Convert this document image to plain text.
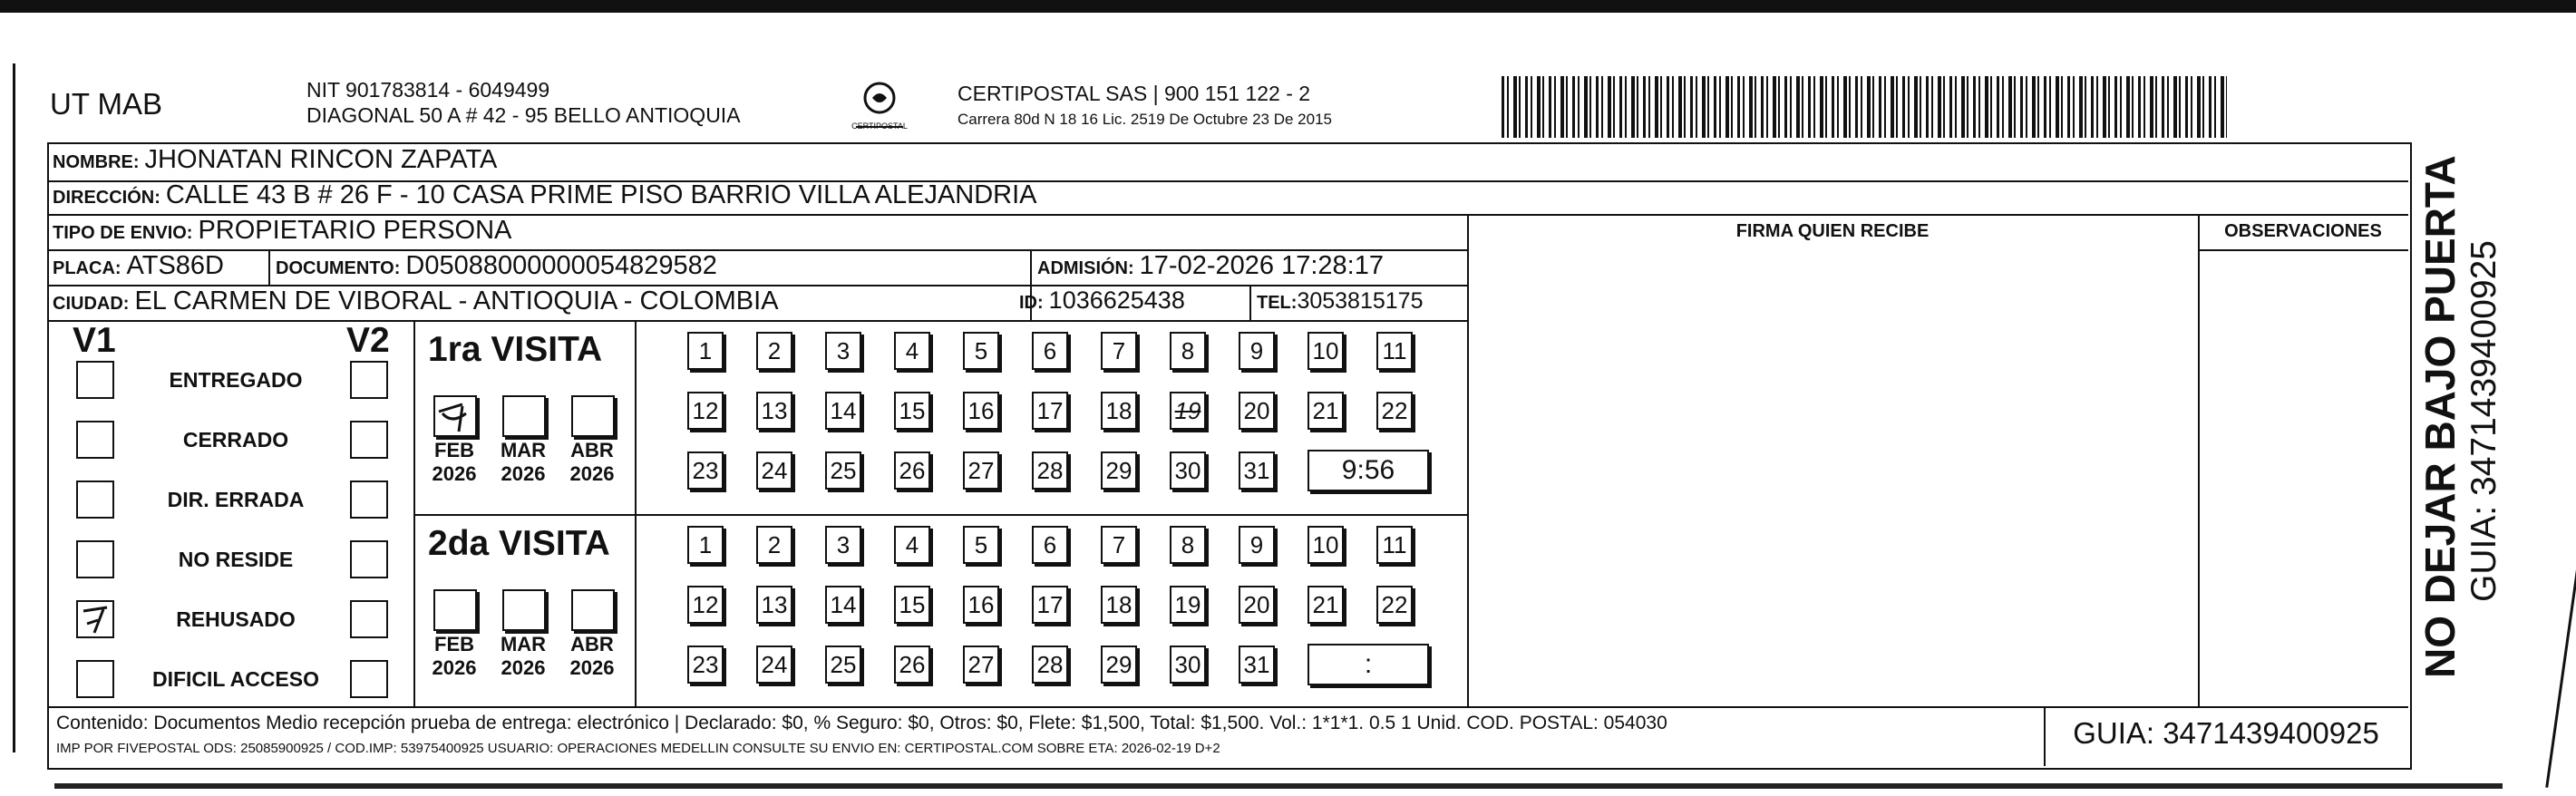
UT MAB	NIT 901783814 - 6049499
DIAGONAL 50 A # 42 - 95 BELLO ANTIOQUIA	CERTIPOSTAL
CERTIPOSTAL SAS | 900 151 122 - 2
Carrera 80d N 18 16 Lic. 2519 De Octubre 23 De 2015
NOMBRE: JHONATAN RINCON ZAPATA
DIRECCIÓN: CALLE 43 B # 26 F - 10 CASA PRIME PISO BARRIO VILLA ALEJANDRIA
TIPO DE ENVIO: PROPIETARIO PERSONA	FIRMA QUIEN RECIBE	OBSERVACIONES
PLACA: ATS86D	DOCUMENTO: D05088000000054829582	ADMISIÓN: 17-02-2026 17:28:17
CIUDAD: EL CARMEN DE VIBORAL - ANTIOQUIA - COLOMBIA	ID: 1036625438	TEL: 3053815175
V1	V2
ENTREGADO
CERRADO
DIR. ERRADA
NO RESIDE
REHUSADO
DIFICIL ACCESO
1ra VISITA
FEB
2026
MAR
2026
ABR
2026
1	2	3	4	5	6	7	8	9	10 11
12 13 14 15 16 17 18 19 20 21 22
23 24 25 26 27 28 29 30 31	9:56
2da VISITA
FEB
2026
MAR
2026
ABR
2026
1	2	3	4	5	6	7	8	9	10 11
12 13 14 15 16 17 18 19 20 21 22
23 24 25 26 27 28 29 30 31	:
Contenido: Documentos Medio recepción prueba de entrega: electrónico | Declarado: $0, % Seguro: $0, Otros: $0, Flete: $1,500, Total: $1,500. Vol.: 1*1*1. 0.5 1 Unid. COD. POSTAL: 054030
IMP POR FIVEPOSTAL ODS: 25085900925 / COD.IMP: 53975400925 USUARIO: OPERACIONES MEDELLIN CONSULTE SU ENVIO EN: CERTIPOSTAL.COM SOBRE ETA: 2026-02-19 D+2	GUIA: 3471439400925
NO DEJAR BAJO PUERTA GUIA: 3471439400925
